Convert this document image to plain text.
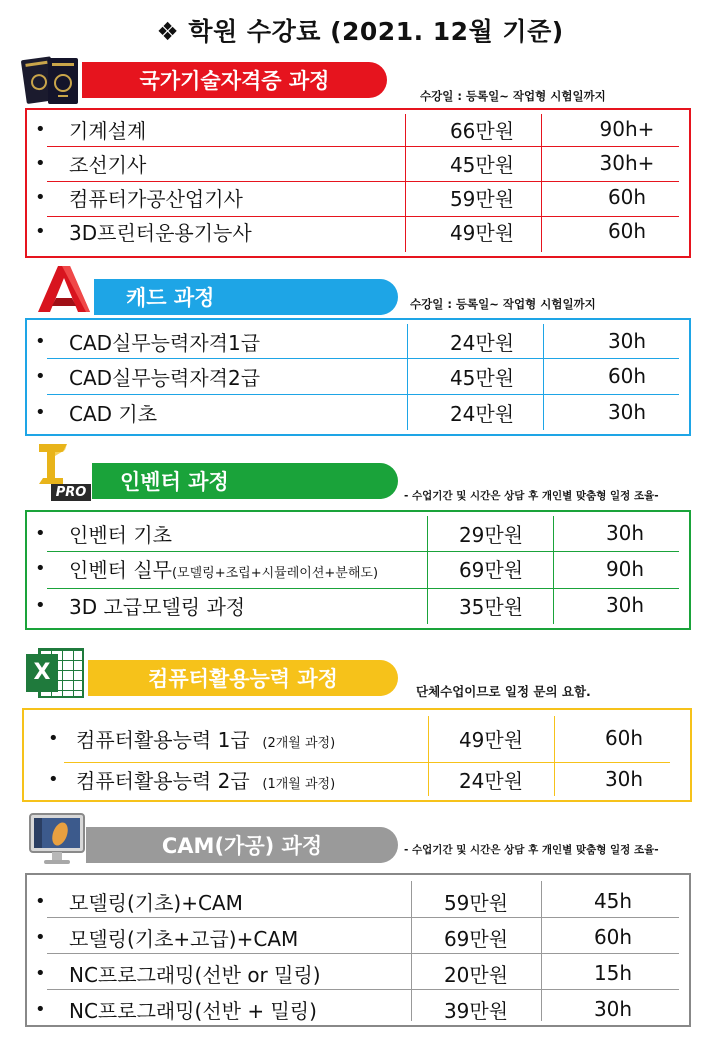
❖ 학원 수강료 (2021. 12월 기준)
국가기술자격증 과정
수강일 : 등록일~ 작업형 시험일까지
• 기계설계	66만원	90h+
• 조선기사	45만원	30h+
• 컴퓨터가공산업기사	59만원	60h
• 3D프린터운용기능사	49만원	60h
캐드 과정	수강일 : 등록일~ 작업형 시험일까지
• CAD실무능력자격1급	24만원	30h
• CAD실무능력자격2급	45만원	60h
• CAD 기초	24만원	30h
PRO	인벤터 과정
- 수업기간 및 시간은 상담 후 개인별 맞춤형 일정 조율-
• 인벤터 기초	29만원	30h
• 인벤터 실무(모델링+조립+시뮬레이션+분해도)	69만원	90h
• 3D 고급모델링 과정	35만원	30h
X	컴퓨터활용능력 과정
단체수업이므로 일정 문의 요함.
• 컴퓨터활용능력 1급 (2개월 과정)	49만원	60h
• 컴퓨터활용능력 2급 (1개월 과정)	24만원	30h
CAM(가공) 과정	- 수업기간 및 시간은 상담 후 개인별 맞춤형 일정 조율-
• 모델링(기초)+CAM	59만원	45h
• 모델링(기초+고급)+CAM	69만원	60h
• NC프로그래밍(선반 or 밀링)	20만원	15h
• NC프로그래밍(선반 + 밀링)	39만원	30h
